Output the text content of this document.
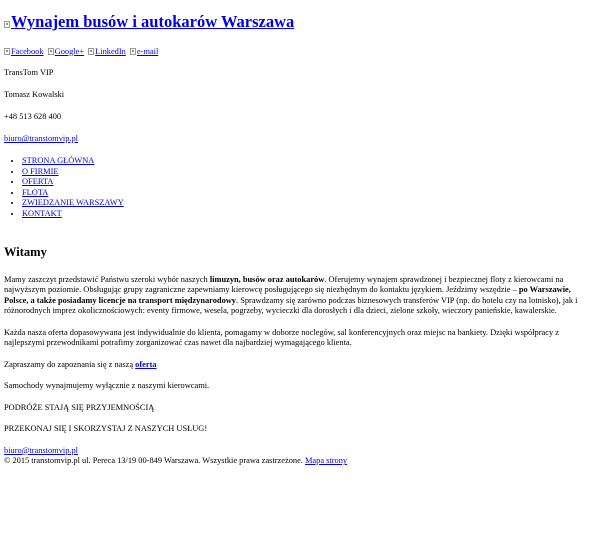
Wynajem busów i autokarów Warszawa
Facebook Google+ LinkedIn e-mail

TransTom VIP

Tomasz Kowalski

+48 513 628 400

biuro@transtomvip.pl

• STRONA GŁÓWNA
• O FIRMIE
• OFERTA
• FLOTA
• ZWIEDZANIE WARSZAWY
• KONTAKT
Witamy

Mamy zaszczyt przedstawić Państwu szeroki wybór naszych limuzyn, busów oraz autokarów. Oferujemy wynajem sprawdzonej i bezpiecznej floty z kierowcami na najwyższym poziomie. Obsługując grupy zagraniczne zapewniamy kierowcę posługującego się niezbędnym do kontaktu językiem. Jeździmy wszędzie – po Warszawie, Polsce, a także posiadamy licencje na transport międzynarodowy. Sprawdzamy się zarówno podczas biznesowych transferów VIP (np. do hotelu czy na lotnisko), jak i różnorodnych imprez okolicznościowych: eventy firmowe, wesela, pogrzeby, wycieczki dla dorosłych i dla dzieci, zielone szkoły, wieczory panieńskie, kawalerskie.

Każda nasza oferta dopasowywana jest indywidualnie do klienta, pomagamy w doborze noclegów, sal konferencyjnych oraz miejsc na bankiety. Dzięki współpracy z najlepszymi przewodnikami potrafimy zorganizować czas nawet dla najbardziej wymagającego klienta.

Zapraszamy do zapoznania się z naszą oferta

Samochody wynajmujemy wyłącznie z naszymi kierowcami.

PODRÓŻE STAJĄ SIĘ PRZYJEMNOŚCIĄ

PRZEKONAJ SIĘ I SKORZYSTAJ Z NASZYCH USŁUG!

biuro@transtomvip.pl

© 2015 transtomvip.pl ul. Pereca 13/19 00-849 Warszawa. Wszystkie prawa zastrzeżone. Mapa strony
